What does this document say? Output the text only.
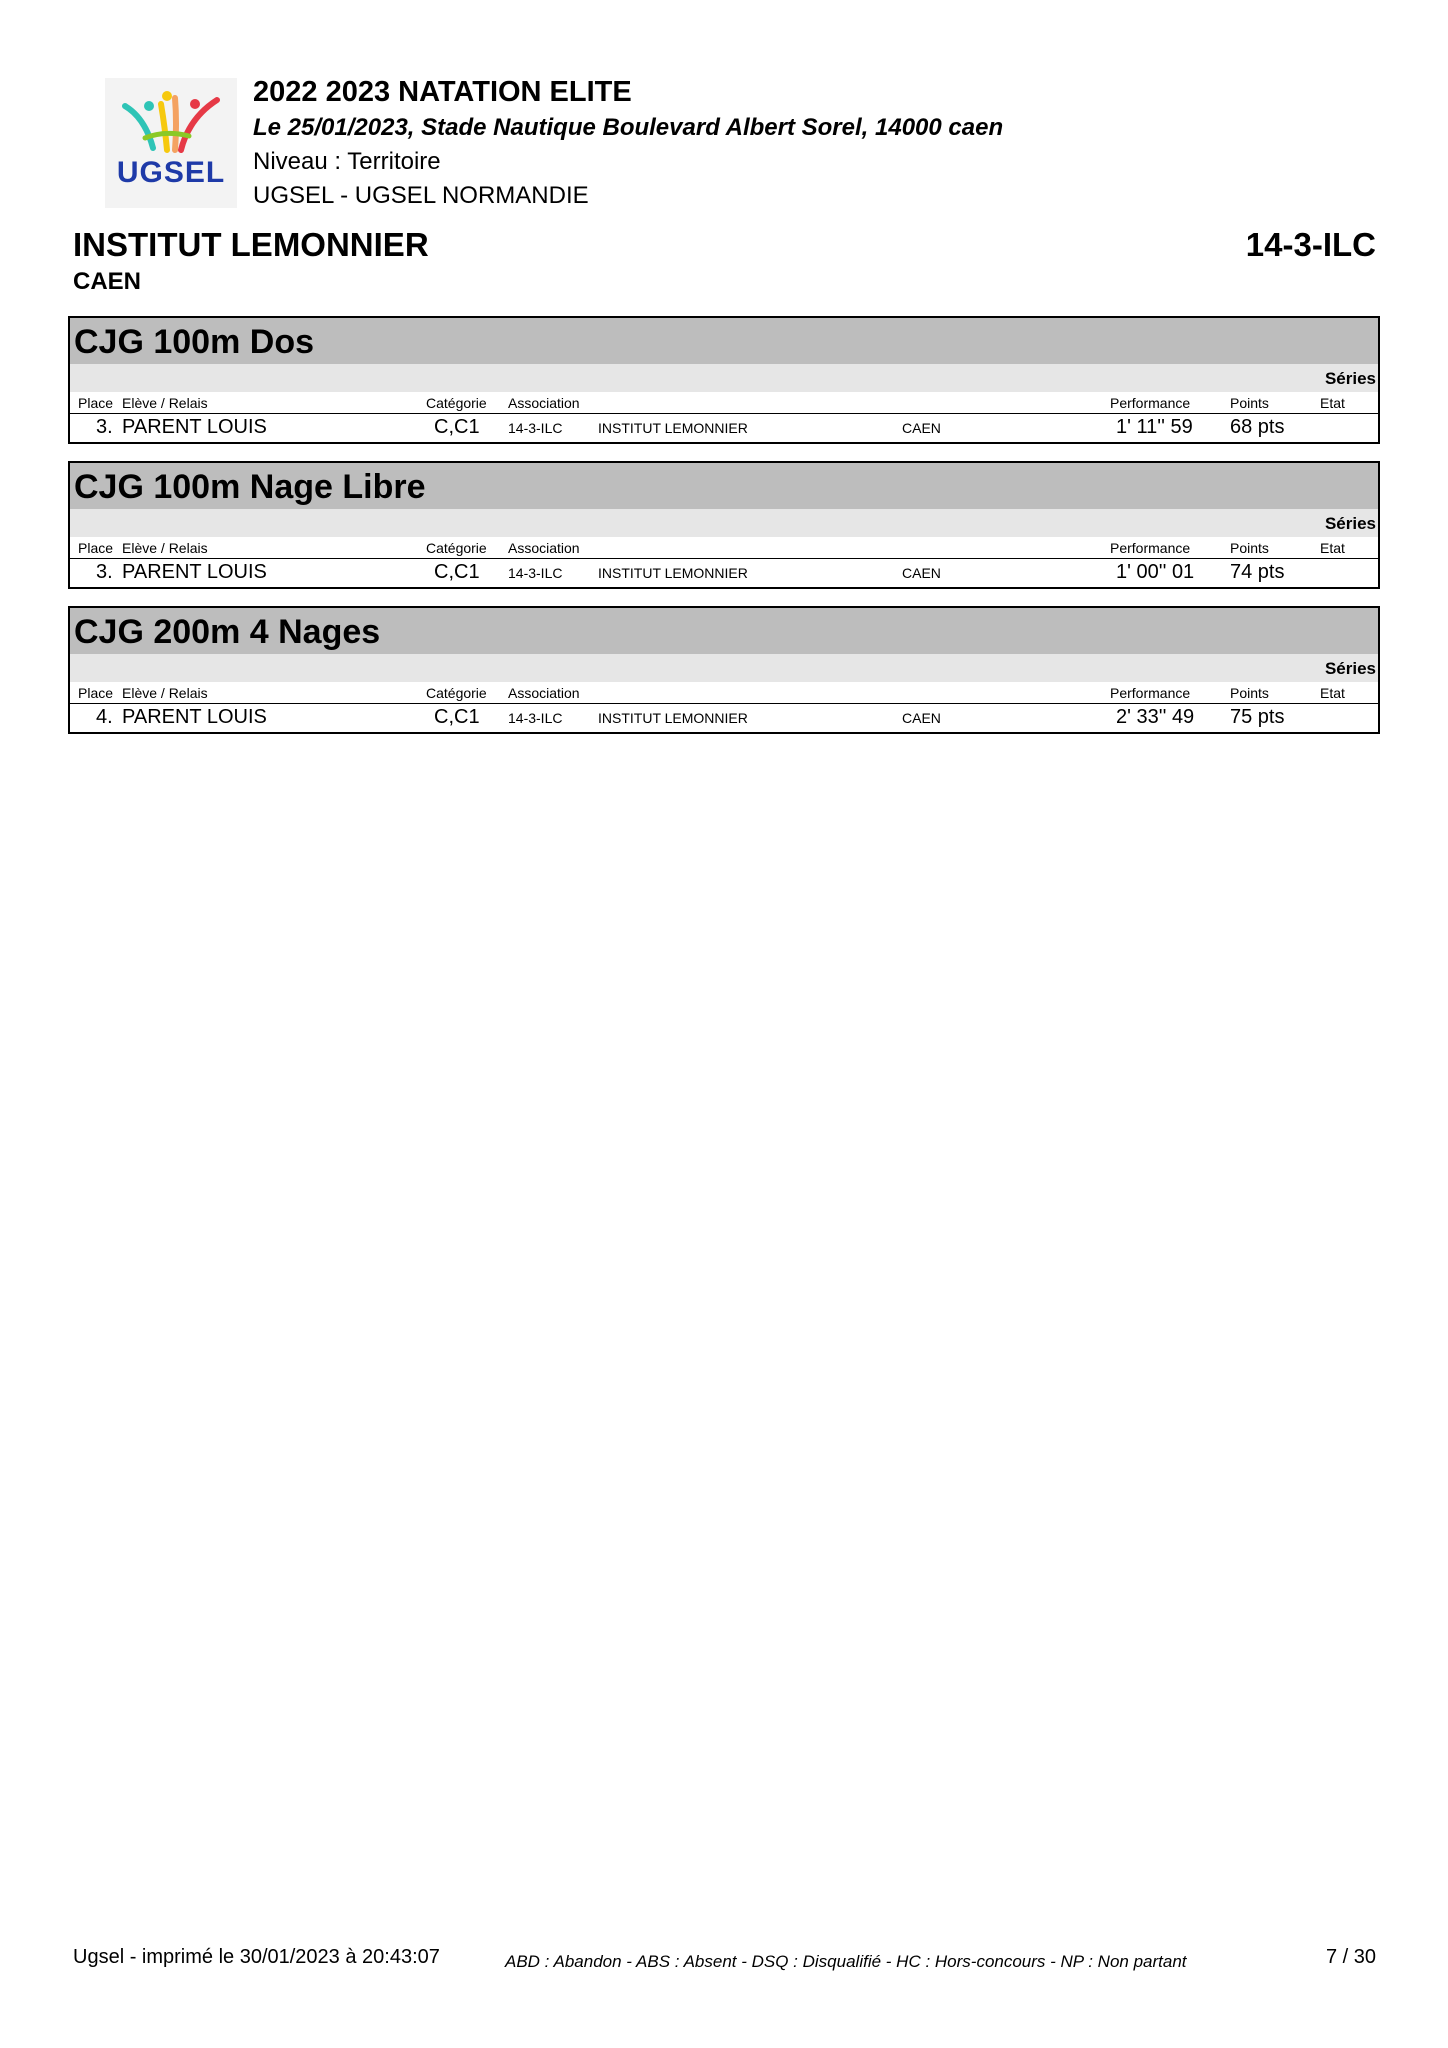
UGSEL
2022 2023 NATATION ELITE
Le 25/01/2023, Stade Nautique Boulevard Albert Sorel, 14000 caen
Niveau : Territoire
UGSEL - UGSEL NORMANDIE
INSTITUT LEMONNIER	14-3-ILC
CAEN
CJG 100m Dos
Séries
Place Elève / Relais	Catégorie Association	Performance	Points	Etat
3. PARENT LOUIS	C,C1 14-3-ILC	INSTITUT LEMONNIER	CAEN	1' 11'' 59 68 pts
CJG 100m Nage Libre
Séries
Place Elève / Relais	Catégorie Association	Performance	Points	Etat
3. PARENT LOUIS	C,C1 14-3-ILC	INSTITUT LEMONNIER	CAEN	1' 00'' 01 74 pts
CJG 200m 4 Nages
Séries
Place Elève / Relais	Catégorie Association	Performance	Points	Etat
4. PARENT LOUIS	C,C1 14-3-ILC	INSTITUT LEMONNIER	CAEN	2' 33'' 49 75 pts
Ugsel - imprimé le 30/01/2023 à 20:43:07	ABD : Abandon - ABS : Absent - DSQ : Disqualifié - HC : Hors-concours - NP : Non partant	7 / 30
